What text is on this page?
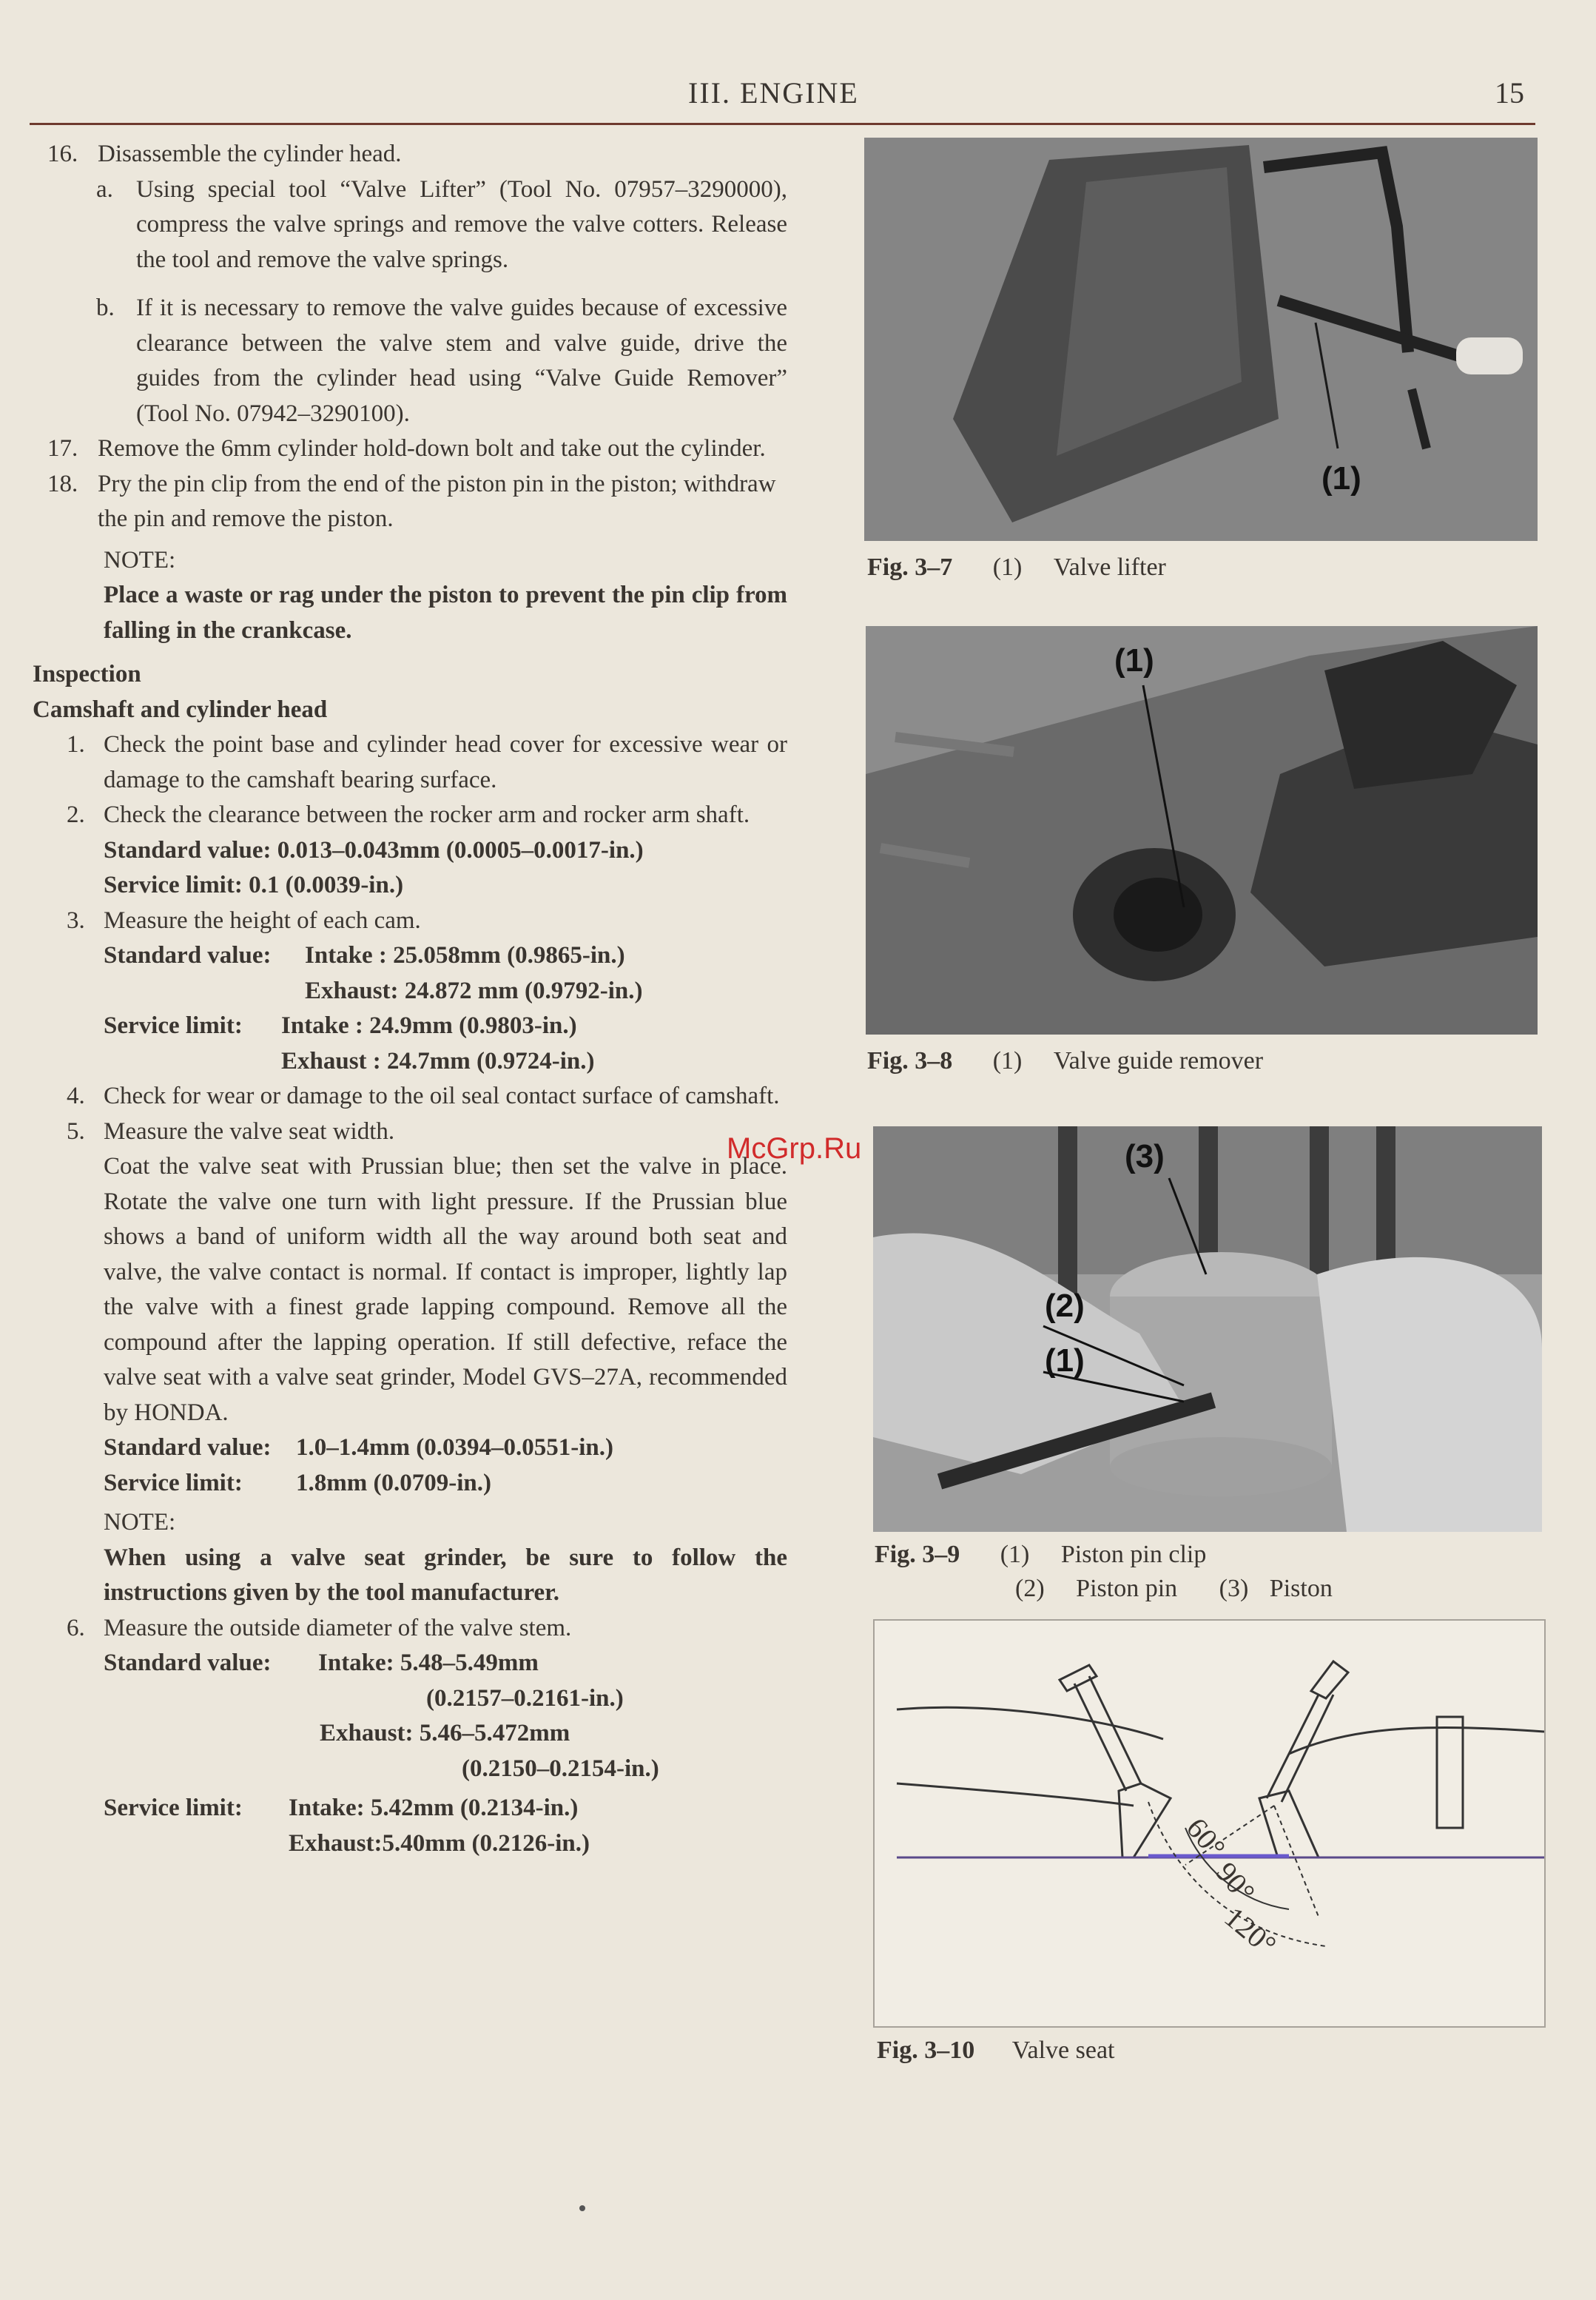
III. ENGINE	15

16. Disassemble the cylinder head.

a. Using special tool “Valve Lifter” (Tool No. 07957–3290000), compress the valve springs and remove the valve cotters. Release the tool and remove the valve springs.

b. If it is necessary to remove the valve guides because of excessive clearance between the valve stem and valve guide, drive the guides from the cylinder head using “Valve Guide Remover” (Tool No. 07942–3290100).

17. Remove the 6mm cylinder hold-down bolt and take out the cylinder.

18. Pry the pin clip from the end of the piston pin in the piston; withdraw the pin and remove the piston.

NOTE:

Place a waste or rag under the piston to prevent the pin clip from falling in the crankcase.

Inspection

Camshaft and cylinder head

1. Check the point base and cylinder head cover for excessive wear or damage to the camshaft bearing surface.

2. Check the clearance between the rocker arm and rocker arm shaft.

Standard value: 0.013–0.043mm (0.0005–0.0017-in.)

Service limit: 0.1 (0.0039-in.)

3. Measure the height of each cam.

Standard value:	Intake : 25.058mm (0.9865-in.)
Exhaust: 24.872 mm (0.9792-in.)
Service limit:	Intake : 24.9mm (0.9803-in.)
Exhaust : 24.7mm (0.9724-in.)

4. Check for wear or damage to the oil seal contact surface of camshaft.

5. Measure the valve seat width.

Coat the valve seat with Prussian blue; then set the valve in place. Rotate the valve one turn with light pressure. If the Prussian blue shows a band of uniform width all the way around both seat and valve, the valve contact is normal. If contact is improper, lightly lap the valve with a finest grade lapping compound. Remove all the compound after the lapping operation. If still defective, reface the valve seat with a valve seat grinder, Model GVS–27A, recommended by HONDA.

Standard value:	1.0–1.4mm (0.0394–0.0551-in.)
Service limit:	1.8mm (0.0709-in.)

NOTE:

When using a valve seat grinder, be sure to follow the instructions given by the tool manufacturer.

6. Measure the outside diameter of the valve stem.

Standard value:	Intake: 5.48–5.49mm
(0.2157–0.2161-in.)
Exhaust: 5.46–5.472mm
(0.2150–0.2154-in.)
Service limit:	Intake: 5.42mm (0.2134-in.)
Exhaust:5.40mm (0.2126-in.)
McGrp.Ru
(1)
Fig. 3–7 (1) Valve lifter
(1)
Fig. 3–8 (1) Valve guide remover
(3)
(2)
(1)
Fig. 3–9 (1) Piston pin clip
(2) Piston pin (3) Piston
60°
90°
120°
Fig. 3–10 Valve seat
